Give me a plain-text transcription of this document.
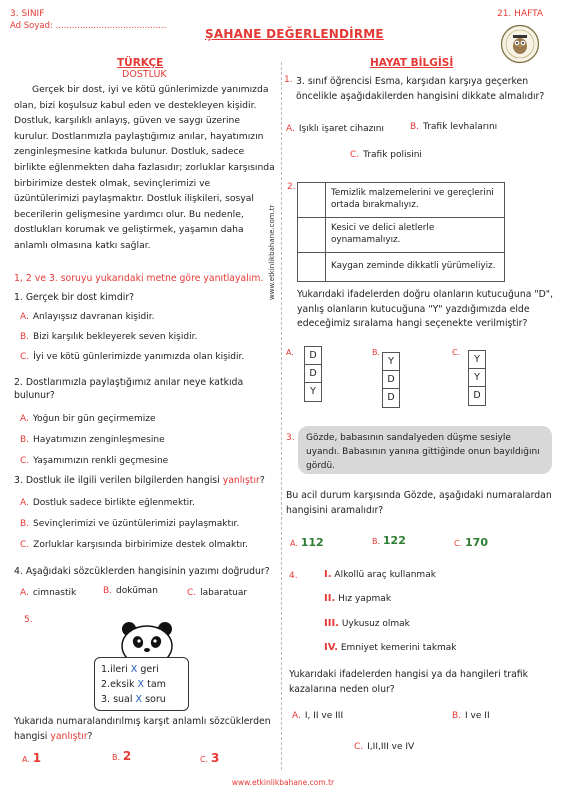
3. SINIF
Ad Soyad: .........................................
ŞAHANE DEĞERLENDİRME
21. HAFTA
www.etkinlikbahane.com.tr
TÜRKÇE
DOSTLUK
Gerçek bir dost, iyi ve kötü günlerimizde yanımızda olan, bizi koşulsuz kabul eden ve destekleyen kişidir. Dostluk, karşılıklı anlayış, güven ve saygı üzerine kurulur. Dostlarımızla paylaştığımız anılar, hayatımızın zenginleşmesine katkıda bulunur. Dostluk, sadece birlikte eğlenmekten daha fazlasıdır; zorluklar karşısında birbirimize destek olmak, sevinçlerimizi ve üzüntülerimizi paylaşmaktır. Dostluk ilişkileri, sosyal becerilerin gelişmesine yardımcı olur. Bu nedenle, dostlukları korumak ve geliştirmek, yaşamın daha anlamlı olmasına katkı sağlar.
1, 2 ve 3. soruyu yukarıdaki metne göre yanıtlayalım.
1. Gerçek bir dost kimdir?
A. Anlayışsız davranan kişidir.
B. Bizi karşılık bekleyerek seven kişidir.
C. İyi ve kötü günlerimizde yanımızda olan kişidir.
2. Dostlarımızla paylaştığımız anılar neye katkıda bulunur?
A. Yoğun bir gün geçirmemize
B. Hayatımızın zenginleşmesine
C. Yaşamımızın renkli geçmesine
3. Dostluk ile ilgili verilen bilgilerden hangisi yanlıştır?
A. Dostluk sadece birlikte eğlenmektir.
B. Sevinçlerimizi ve üzüntülerimizi paylaşmaktır.
C. Zorluklar karşısında birbirimize destek olmaktır.
4. Aşağıdaki sözcüklerden hangisinin yazımı doğrudur?
A. cimnastik	B. doküman	C. labaratuar
5.
1.ileri X geri
2.eksik X tam
3. sual X soru
Yukarıda numaralandırılmış karşıt anlamlı sözcüklerden hangisi yanlıştır?
A. 1	B. 2	C. 3
HAYAT BİLGİSİ
1. 3. sınıf öğrencisi Esma, karşıdan karşıya geçerken öncelikle aşağıdakilerden hangisini dikkate almalıdır?
A. Işıklı işaret cihazını	B. Trafik levhalarını
C. Trafik polisini
2.
	Temizlik malzemelerini ve gereçlerini ortada bırakmalıyız.
	Kesici ve delici aletlerle oynamamalıyız.
	Kaygan zeminde dikkatli yürümeliyiz.
Yukarıdaki ifadelerden doğru olanların kutucuğuna "D", yanlış olanların kutucuğuna "Y" yazdığımızda elde edeceğimiz sıralama hangi seçenekte verilmiştir?
A.	D
D
Y
B.
Y
D
D
C.
Y
Y
D
3. Gözde, babasının sandalyeden düşme sesiyle uyandı. Babasının yanına gittiğinde onun bayıldığını gördü.
Bu acil durum karşısında Gözde, aşağıdaki numaralardan hangisini aramalıdır?
A. 112	B. 122	C. 170
4.	I. Alkollü araç kullanmak
II. Hız yapmak
III. Uykusuz olmak
IV. Emniyet kemerini takmak
Yukarıdaki ifadelerden hangisi ya da hangileri trafik kazalarına neden olur?
A. I, II ve III	B. I ve II
C. I,II,III ve IV
www.etkinlikbahane.com.tr
